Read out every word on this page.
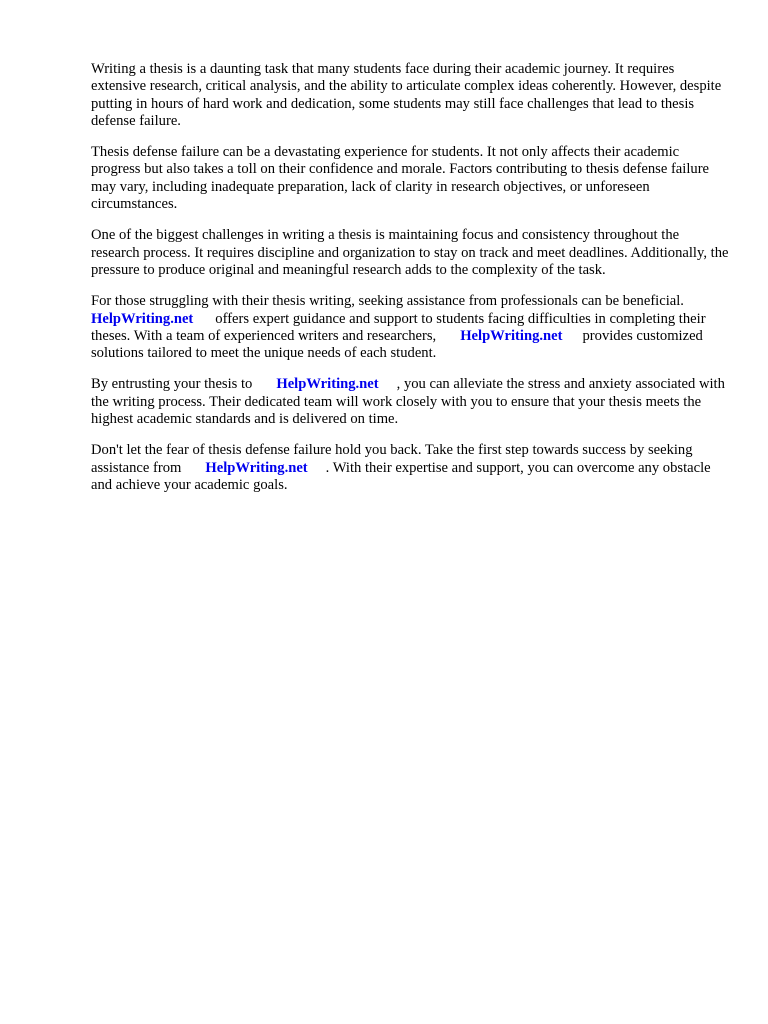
Writing a thesis is a daunting task that many students face during their academic journey. It requires extensive research, critical analysis, and the ability to articulate complex ideas coherently. However, despite putting in hours of hard work and dedication, some students may still face challenges that lead to thesis defense failure.

Thesis defense failure can be a devastating experience for students. It not only affects their academic progress but also takes a toll on their confidence and morale. Factors contributing to thesis defense failure may vary, including inadequate preparation, lack of clarity in research objectives, or unforeseen circumstances.

One of the biggest challenges in writing a thesis is maintaining focus and consistency throughout the research process. It requires discipline and organization to stay on track and meet deadlines. Additionally, the pressure to produce original and meaningful research adds to the complexity of the task.

For those struggling with their thesis writing, seeking assistance from professionals can be beneficial.HelpWriting.net offers expert guidance and support to students facing difficulties in completing their theses. With a team of experienced writers and researchers, HelpWriting.net provides customized solutions tailored to meet the unique needs of each student.

By entrusting your thesis to HelpWriting.net , you can alleviate the stress and anxiety associated with the writing process. Their dedicated team will work closely with you to ensure that your thesis meets the highest academic standards and is delivered on time.

Don't let the fear of thesis defense failure hold you back. Take the first step towards success by seeking assistance from HelpWriting.net . With their expertise and support, you can overcome any obstacle and achieve your academic goals.
